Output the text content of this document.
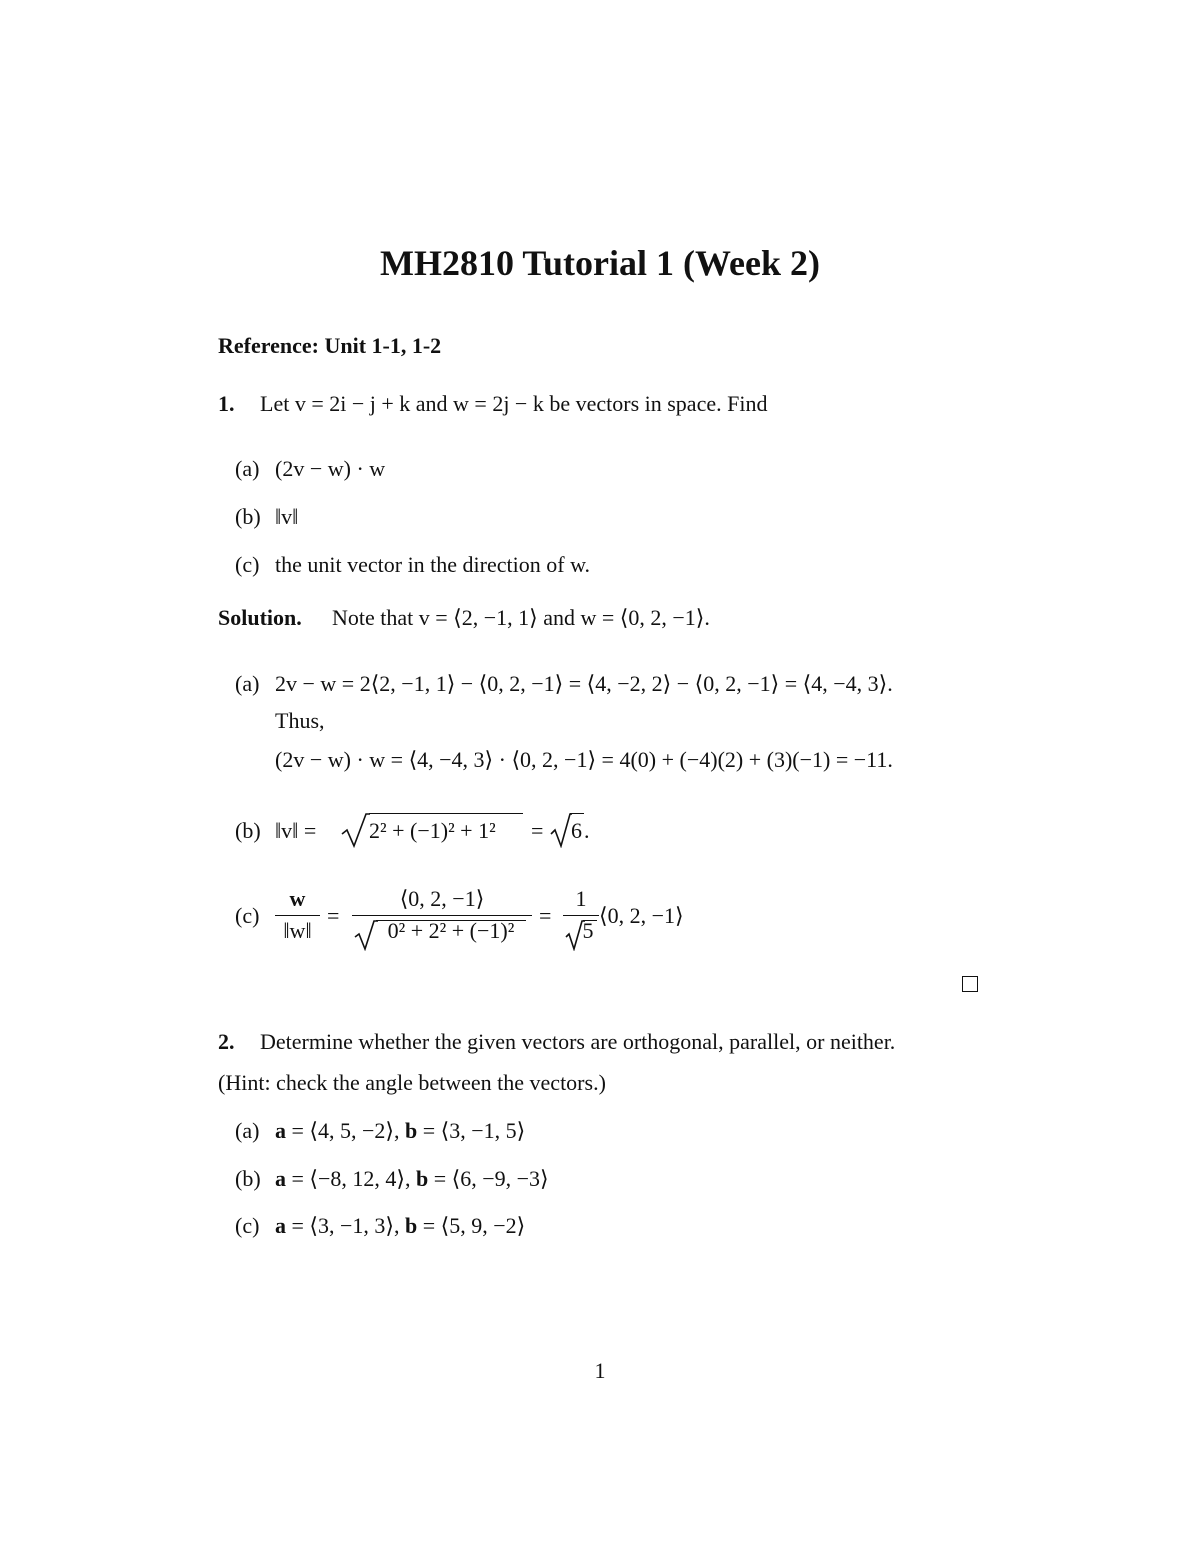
MH2810 Tutorial 1 (Week 2)
Reference: Unit 1-1, 1-2
1. Let v = 2i − j + k and w = 2j − k be vectors in space. Find
(a) (2v − w) · w
(b) ‖v‖
(c) the unit vector in the direction of w.
Solution. Note that v = ⟨2, −1, 1⟩ and w = ⟨0, 2, −1⟩.
(a) 2v − w = 2⟨2, −1, 1⟩ − ⟨0, 2, −1⟩ = ⟨4, −2, 2⟩ − ⟨0, 2, −1⟩ = ⟨4, −4, 3⟩.
Thus,
(2v − w) · w = ⟨4, −4, 3⟩ · ⟨0, 2, −1⟩ = 4(0) + (−4)(2) + (3)(−1) = −11.
(b) ‖v‖ = 2² + (−1)² + 1² = 6 .
(c)
w
‖w‖
=
⟨0, 2, −1⟩
0² + 2² + (−1)²
=
1
5
⟨0, 2, −1⟩
2. Determine whether the given vectors are orthogonal, parallel, or neither.
(Hint: check the angle between the vectors.)
(a) a = ⟨4, 5, −2⟩, b = ⟨3, −1, 5⟩
(b) a = ⟨−8, 12, 4⟩, b = ⟨6, −9, −3⟩
(c) a = ⟨3, −1, 3⟩, b = ⟨5, 9, −2⟩
1
